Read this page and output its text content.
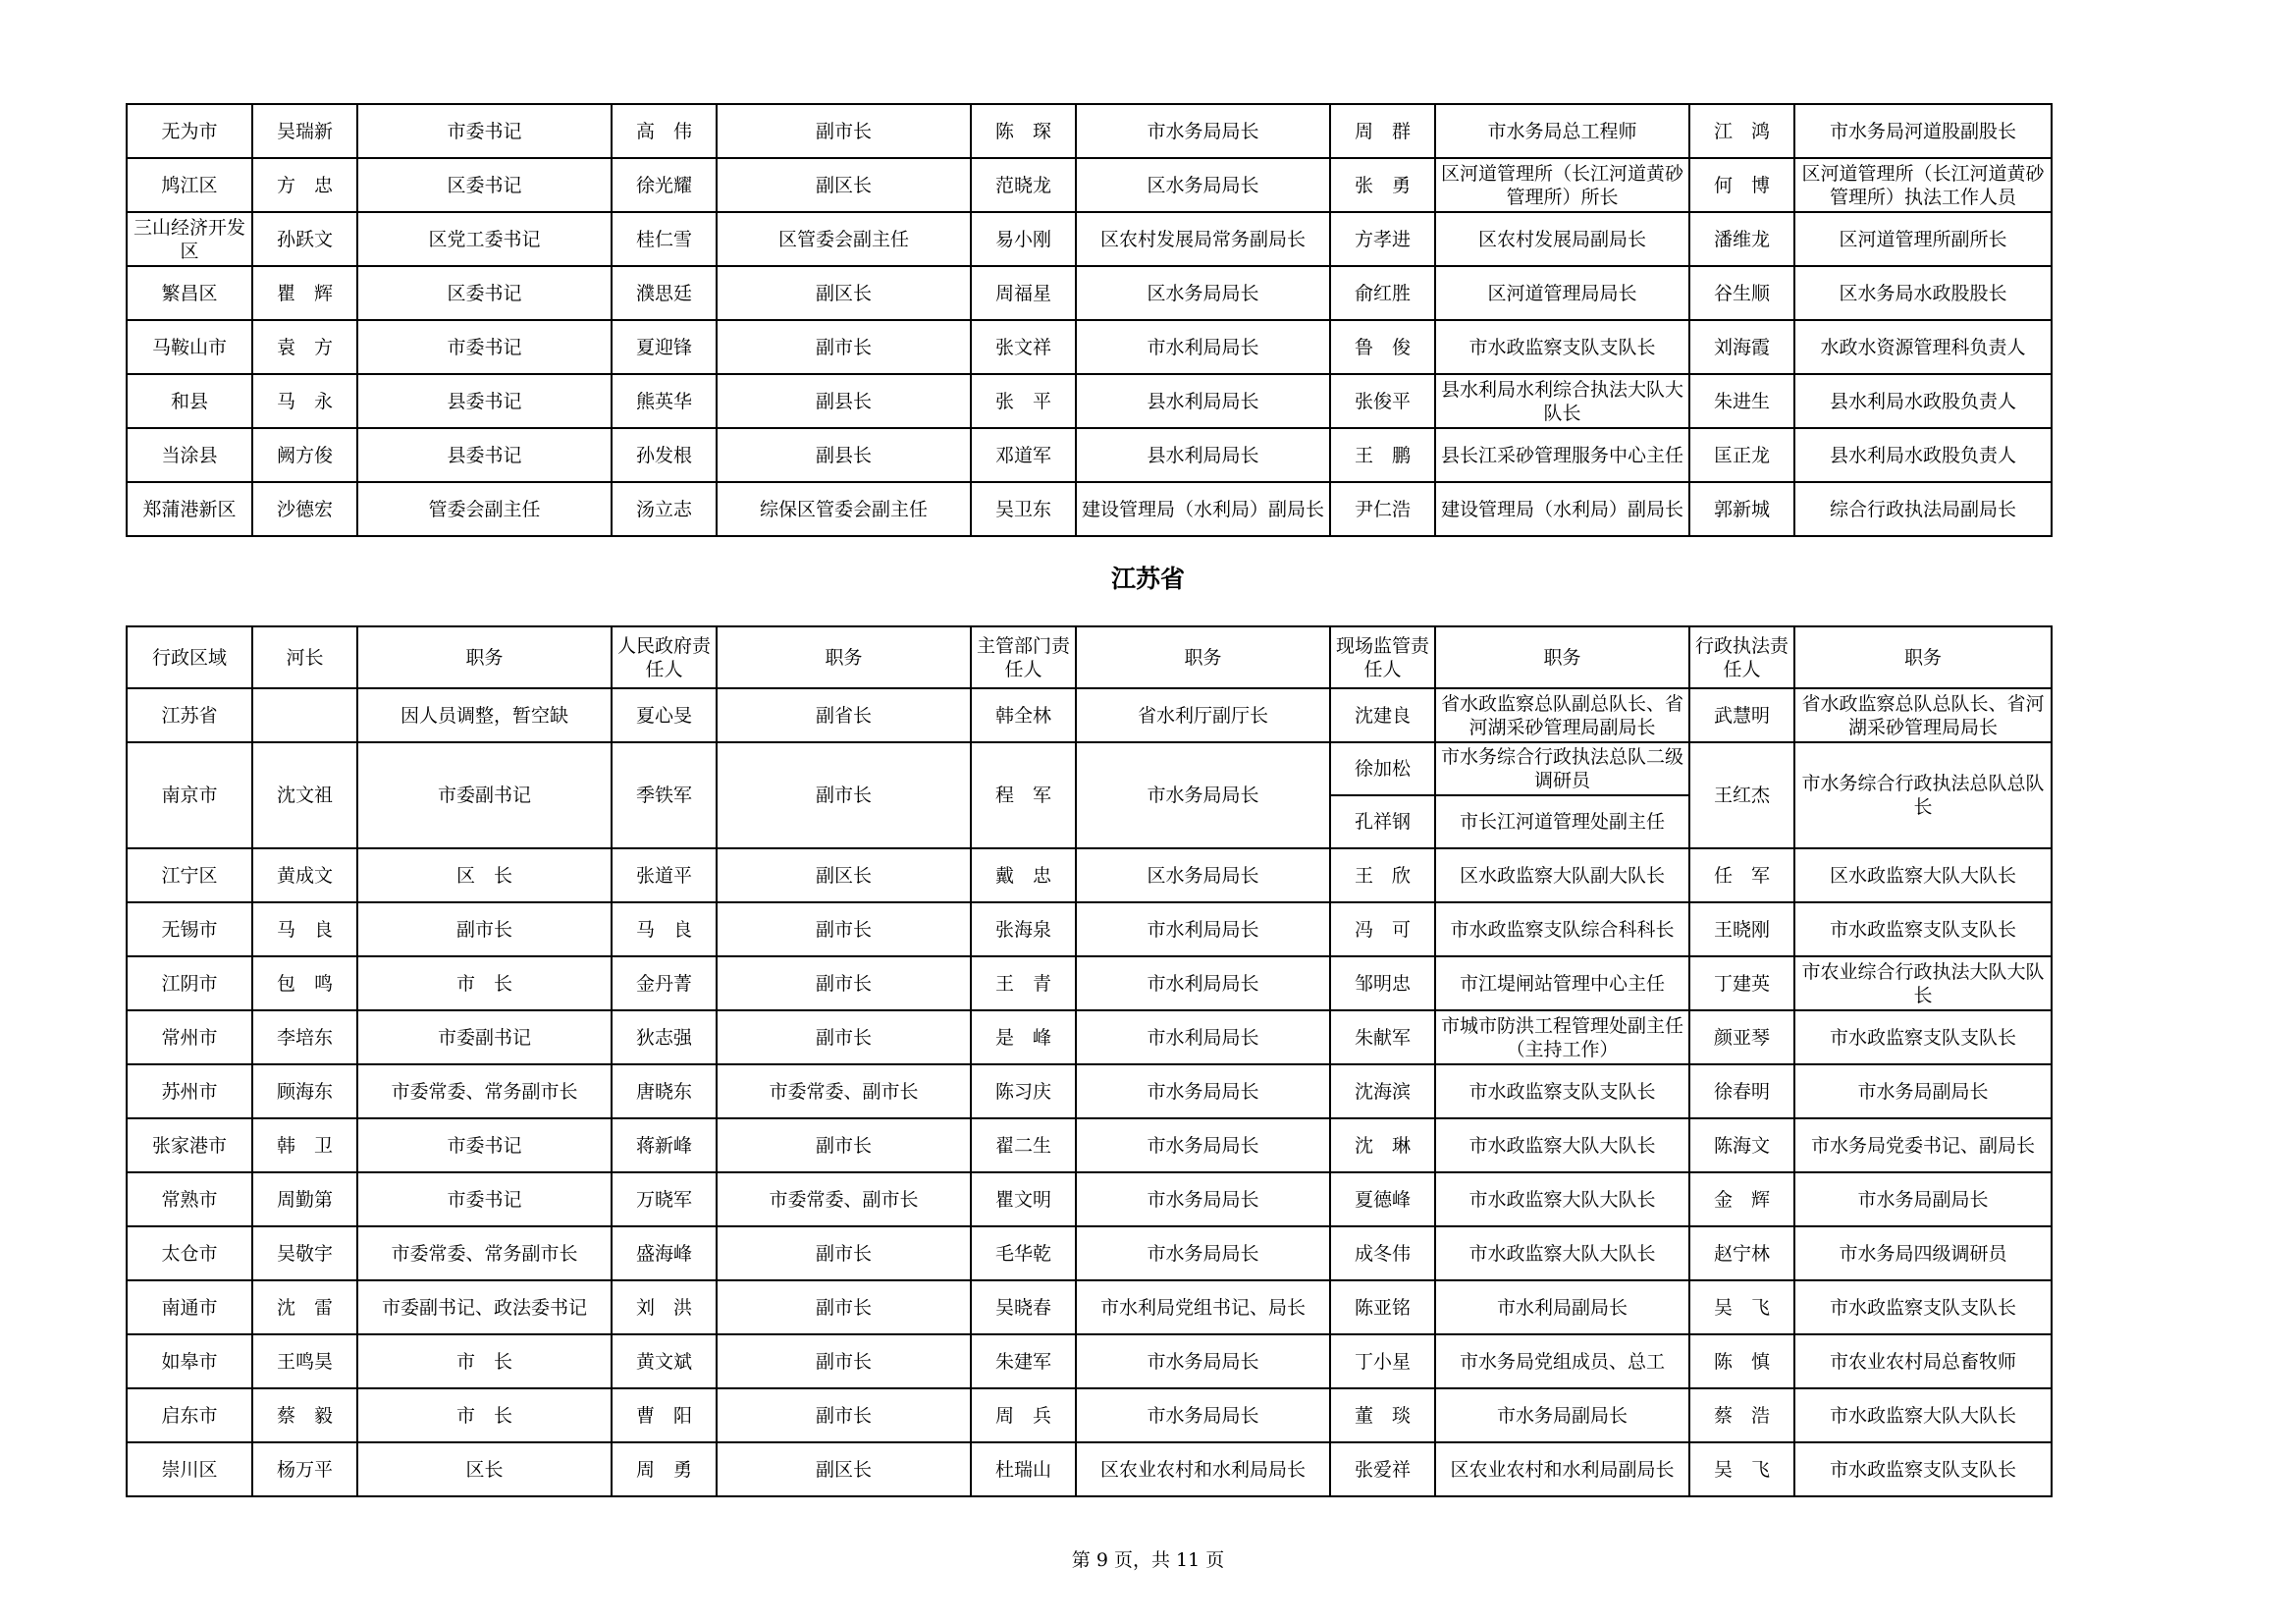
无为市	吴瑞新	市委书记	高　伟	副市长	陈　琛	市水务局局长	周　群	市水务局总工程师	江　鸿	市水务局河道股副股长
鸠江区	方　忠	区委书记	徐光耀	副区长	范晓龙	区水务局局长	张　勇	区河道管理所（长江河道黄砂管理所）所长	何　博	区河道管理所（长江河道黄砂管理所）执法工作人员
三山经济开发区	孙跃文	区党工委书记	桂仁雪	区管委会副主任	易小刚	区农村发展局常务副局长	方孝进	区农村发展局副局长	潘维龙	区河道管理所副所长
繁昌区	瞿　辉	区委书记	濮思廷	副区长	周福星	区水务局局长	俞红胜	区河道管理局局长	谷生顺	区水务局水政股股长
马鞍山市	袁　方	市委书记	夏迎锋	副市长	张文祥	市水利局局长	鲁　俊	市水政监察支队支队长	刘海霞	水政水资源管理科负责人
和县	马　永	县委书记	熊英华	副县长	张　平	县水利局局长	张俊平	县水利局水利综合执法大队大队长	朱进生	县水利局水政股负责人
当涂县	阙方俊	县委书记	孙发根	副县长	邓道军	县水利局局长	王　鹏	县长江采砂管理服务中心主任	匡正龙	县水利局水政股负责人
郑蒲港新区	沙德宏	管委会副主任	汤立志	综保区管委会副主任	吴卫东	建设管理局（水利局）副局长	尹仁浩	建设管理局（水利局）副局长	郭新城	综合行政执法局副局长
江苏省
行政区域	河长	职务	人民政府责任人	职务	主管部门责任人	职务	现场监管责任人	职务	行政执法责任人	职务
江苏省		因人员调整，暂空缺	夏心旻	副省长	韩全林	省水利厅副厅长	沈建良	省水政监察总队副总队长、省河湖采砂管理局副局长	武慧明	省水政监察总队总队长、省河湖采砂管理局局长
南京市	沈文祖	市委副书记	季铁军	副市长	程　军	市水务局局长	徐加松	市水务综合行政执法总队二级调研员	王红杰	市水务综合行政执法总队总队长
							孔祥钢	市长江河道管理处副主任		
江宁区	黄成文	区　长	张道平	副区长	戴　忠	区水务局局长	王　欣	区水政监察大队副大队长	任　军	区水政监察大队大队长
无锡市	马　良	副市长	马　良	副市长	张海泉	市水利局局长	冯　可	市水政监察支队综合科科长	王晓刚	市水政监察支队支队长
江阴市	包　鸣	市　长	金丹菁	副市长	王　青	市水利局局长	邹明忠	市江堤闸站管理中心主任	丁建英	市农业综合行政执法大队大队长
常州市	李培东	市委副书记	狄志强	副市长	是　峰	市水利局局长	朱献军	市城市防洪工程管理处副主任（主持工作）	颜亚琴	市水政监察支队支队长
苏州市	顾海东	市委常委、常务副市长	唐晓东	市委常委、副市长	陈习庆	市水务局局长	沈海滨	市水政监察支队支队长	徐春明	市水务局副局长
张家港市	韩　卫	市委书记	蒋新峰	副市长	翟二生	市水务局局长	沈　琳	市水政监察大队大队长	陈海文	市水务局党委书记、副局长
常熟市	周勤第	市委书记	万晓军	市委常委、副市长	瞿文明	市水务局局长	夏德峰	市水政监察大队大队长	金　辉	市水务局副局长
太仓市	吴敬宇	市委常委、常务副市长	盛海峰	副市长	毛华乾	市水务局局长	成冬伟	市水政监察大队大队长	赵宁林	市水务局四级调研员
南通市	沈　雷	市委副书记、政法委书记	刘　洪	副市长	吴晓春	市水利局党组书记、局长	陈亚铭	市水利局副局长	吴　飞	市水政监察支队支队长
如皋市	王鸣昊	市　长	黄文斌	副市长	朱建军	市水务局局长	丁小星	市水务局党组成员、总工	陈　慎	市农业农村局总畜牧师
启东市	蔡　毅	市　长	曹　阳	副市长	周　兵	市水务局局长	董　琰	市水务局副局长	蔡　浩	市水政监察大队大队长
崇川区	杨万平	区长	周　勇	副区长	杜瑞山	区农业农村和水利局局长	张爱祥	区农业农村和水利局副局长	吴　飞	市水政监察支队支队长
第 9 页，共 11 页
